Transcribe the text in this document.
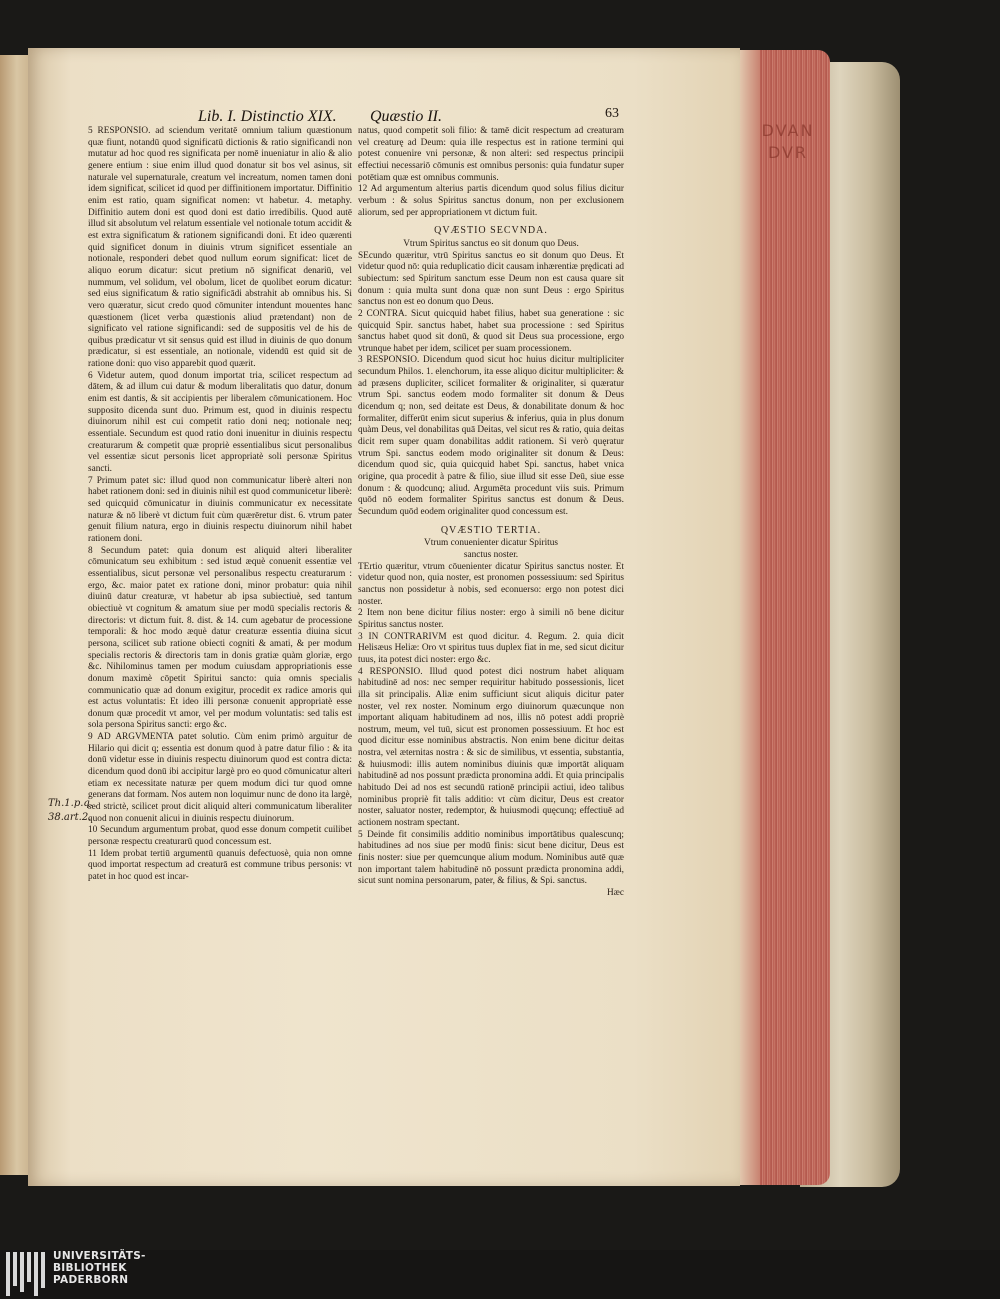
DVAN DVR
Lib. I. Distinctio XIX. Quæstio II.	63
Th.1.p.q.
38.art.2.

5 RESPONSIO. ad sciendum veritatē omnium talium quæstionum quæ fiunt, notandū quod significatū dictionis & ratio significandi non mutatur ad hoc quod res significata per nomē inueniatur in alio & alio genere entium : siue enim illud quod donatur sit bos vel asinus, sit naturale vel supernaturale, creatum vel increatum, nomen tamen doni idem significat, scilicet id quod per diffinitionem importatur. Diffinitio enim est ratio, quam significat nomen: vt habetur. 4. metaphy. Diffinitio autem doni est quod doni est datio irredibilis. Quod autē illud sit absolutum vel relatum essentiale vel notionale totum accidit & est extra significatum & rationem significandi doni. Et ideo quærenti quid significet donum in diuinis vtrum significet essentiale an notionale, responderi debet quod nullum eorum significat: licet de aliquo eorum dicatur: sicut pretium nō significat denariū, vel nummum, vel solidum, vel obolum, licet de quolibet eorum dicatur: sed eius significatum & ratio significādi abstrahit ab omnibus his. Si vero quæratur, sicut credo quod cōmuniter intendunt mouentes hanc quæstionem (licet verba quæstionis aliud prætendant) non de significato vel ratione significandi: sed de suppositis vel de his de quibus prædicatur vt sit sensus quid est illud in diuinis de quo donum prædicatur, si est essentiale, an notionale, videndū est quid sit de ratione doni: quo viso apparebit quod quærit.

6 Videtur autem, quod donum importat tria, scilicet respectum ad dātem, & ad illum cui datur & modum liberalitatis quo datur, donum enim est dantis, & sit accipientis per liberalem cōmunicationem. Hoc supposito dicenda sunt duo. Primum est, quod in diuinis respectu diuinorum nihil est cui competit ratio doni neq; notionale neq; essentiale. Secundum est quod ratio doni inuenitur in diuinis respectu creaturarum & competit quæ propriè essentialibus sicut personalibus vel essentiæ sicut personis licet appropriatè soli personæ Spiritus sancti.

7 Primum patet sic: illud quod non communicatur liberè alteri non habet rationem doni: sed in diuinis nihil est quod communicetur liberè: sed quicquid cōmunicatur in diuinis communicatur ex necessitate naturæ & nō liberè vt dictum fuit cùm quærēretur dist. 6. vtrum pater genuit filium natura, ergo in diuinis respectu diuinorum nihil habet rationem doni.

8 Secundum patet: quia donum est aliquid alteri liberaliter cōmunicatum seu exhibitum : sed istud æquè conuenit essentiæ vel essentialibus, sicut personæ vel personalibus respectu creaturarum : ergo, &c. maior patet ex ratione doni, minor probatur: quia nihil diuinū datur creaturæ, vt habetur ab ipsa subiectiuè, sed tantum obiectiuè vt cognitum & amatum siue per modū specialis rectoris & directoris: vt dictum fuit. 8. dist. & 14. cum agebatur de processione temporali: & hoc modo æquè datur creaturæ essentia diuina sicut persona, scilicet sub ratione obiecti cogniti & amati, & per modum specialis rectoris & directoris tam in donis gratiæ quàm gloriæ, ergo &c. Nihilominus tamen per modum cuiusdam appropriationis esse donum maximè cōpetit Spiritui sancto: quia omnis specialis communicatio quæ ad donum exigitur, procedit ex radice amoris qui est actus voluntatis: Et ideo illi personæ conuenit appropriatè esse donum quæ procedit vt amor, vel per modum voluntatis: sed talis est sola persona Spiritus sancti: ergo &c.

9 AD ARGVMENTA patet solutio. Cùm enim primò arguitur de Hilario qui dicit q; essentia est donum quod à patre datur filio : & ita donū videtur esse in diuinis respectu diuinorum quod est contra dicta: dicendum quod donū ibi accipitur largè pro eo quod cōmunicatur alteri etiam ex necessitate naturæ per quem modum dici tur quod omne generans dat formam. Nos autem non loquimur nunc de dono ita largè, sed strictè, scilicet prout dicit aliquid alteri communicatum liberaliter quod non conuenit alicui in diuinis respectu diuinorum.

10 Secundum argumentum probat, quod esse donum competit cuilibet personæ respectu creaturarū quod concessum est.

11 Idem probat tertiū argumentū quanuis defectuosè, quia non omne quod importat respectum ad creaturā est commune tribus personis: vt patet in hoc quod est incar-

natus, quod competit soli filio: & tamē dicit respectum ad creaturam vel creaturę ad Deum: quia ille respectus est in ratione termini qui potest conuenire vni personæ, & non alteri: sed respectus principii effectiui necessariō cōmunis est omnibus personis: quia fundatur super potētiam quæ est omnibus communis.

12 Ad argumentum alterius partis dicendum quod solus filius dicitur verbum : & solus Spiritus sanctus donum, non per exclusionem aliorum, sed per appropriationem vt dictum fuit.

QVÆSTIO SECVNDA.

Vtrum Spiritus sanctus eo sit donum quo Deus.

SEcundo quæritur, vtrū Spiritus sanctus eo sit donum quo Deus. Et videtur quod nō: quia reduplicatio dicit causam inhærentiæ prędicati ad subiectum: sed Spiritum sanctum esse Deum non est causa quare sit donum : quia multa sunt dona quæ non sunt Deus : ergo Spiritus sanctus non est eo donum quo Deus.

2 CONTRA. Sicut quicquid habet filius, habet sua generatione : sic quicquid Spir. sanctus habet, habet sua processione : sed Spiritus sanctus habet quod sit donū, & quod sit Deus sua processione, ergo vtrunque habet per idem, scilicet per suam processionem.

3 RESPONSIO. Dicendum quod sicut hoc huius dicitur multipliciter secundum Philos. 1. elenchorum, ita esse aliquo dicitur multipliciter: & ad præsens dupliciter, scilicet formaliter & originaliter, si quæratur vtrum Spi. sanctus eodem modo formaliter sit donum & Deus dicendum q; non, sed deitate est Deus, & donabilitate donum & hoc formaliter, differūt enim sicut superius & inferius, quia in plus donum quàm Deus, vel donabilitas quā Deitas, vel sicut res & ratio, quia deitas dicit rem super quam donabilitas addit rationem. Si verò quęratur vtrum Spi. sanctus eodem modo originaliter sit donum & Deus: dicendum quod sic, quia quicquid habet Spi. sanctus, habet vnica origine, qua procedit à patre & filio, siue illud sit esse Deū, siue esse donum : & quodcunq; aliud. Argumēta procedunt viis suis. Primum quōd nō eodem formaliter Spiritus sanctus est donum & Deus. Secundum quōd eodem originaliter quod concessum est.

QVÆSTIO TERTIA.

Vtrum conuenienter dicatur Spiritus

sanctus noster.

TErtio quæritur, vtrum cōuenienter dicatur Spiritus sanctus noster. Et videtur quod non, quia noster, est pronomen possessiuum: sed Spiritus sanctus non possidetur à nobis, sed econuerso: ergo non potest dici noster.

2 Item non bene dicitur filius noster: ergo à simili nō bene dicitur Spiritus sanctus noster.

3 IN CONTRARIVM est quod dicitur. 4. Regum. 2. quia dicit Helisæus Heliæ: Oro vt spiritus tuus duplex fiat in me, sed sicut dicitur tuus, ita potest dici noster: ergo &c.

4 RESPONSIO. Illud quod potest dici nostrum habet aliquam habitudinē ad nos: nec semper requiritur habitudo possessionis, licet illa sit principalis. Aliæ enim sufficiunt sicut aliquis dicitur pater noster, vel rex noster. Nominum ergo diuinorum quæcunque non important aliquam habitudinem ad nos, illis nō potest addi propriè nostrum, meum, vel tuū, sicut est pronomen possessiuum. Et hoc est quod dicitur esse nominibus abstractis. Non enim bene dicitur deitas nostra, vel æternitas nostra : & sic de similibus, vt essentia, substantia, & huiusmodi: illis autem nominibus diuinis quæ importāt aliquam habitudinē ad nos possunt prædicta pronomina addi. Et quia principalis habitudo Dei ad nos est secundū rationē principii actiui, ideo talibus nominibus propriè fit talis additio: vt cùm dicitur, Deus est creator noster, saluator noster, redemptor, & huiusmodi quęcunq; effectiuē ad actionem nostram spectant.

5 Deinde fit consimilis additio nominibus importātibus qualescunq; habitudines ad nos siue per modū finis: sicut bene dicitur, Deus est finis noster: siue per quemcunque alium modum. Nominibus autē quæ non important talem habitudinē nō possunt prædicta pronomina addi, sicut sunt nomina personarum, pater, & filius, & Spi. sanctus.

Hæc

UNIVERSITÄTS-
BIBLIOTHEK
PADERBORN
